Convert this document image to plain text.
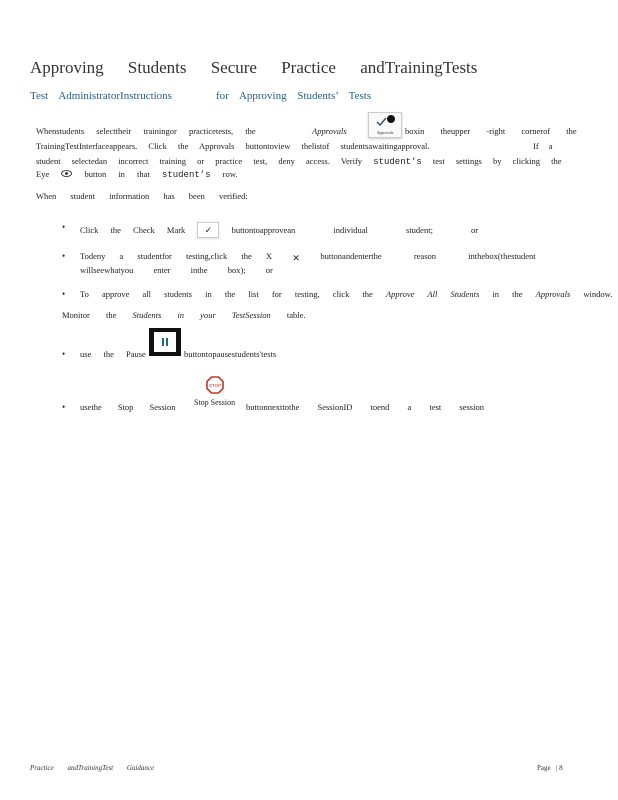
Approving Students Secure Practice andTrainingTests
Test AdministratorInstructions	for Approving Students’ Tests
Approvals
Whenstudents selecttheir trainingor practicetests, the	Approvals	boxin theupper -right cornerof the
TrainingTestInterfaceappears. Click the Approvals buttontoview thelistof studentsawaitingapproval.	If a
student selectedan incorrect training or practice test, deny access. Verify student’s test settings by clicking the
Eye	button in that student’s row.
When student information has been verified:
• Click the Check Mark ✓ buttontoapprovean individual student; or
• Todeny a studentfor testing,click the X ✕ buttonandenterthe reason inthebox(thestudent
willseewhatyou enter inthe box); or
• To approve all students in the list for testing, click the Approve All Students in the Approvals window.
Monitor the Students in your TestSession table.
• use the Pause	buttontopausestudents'tests
STOP
Stop Session
• usethe Stop Session	buttonnexttothe SessionID toend a test session
Practice andTrainingTest Guidance	Page | 8
